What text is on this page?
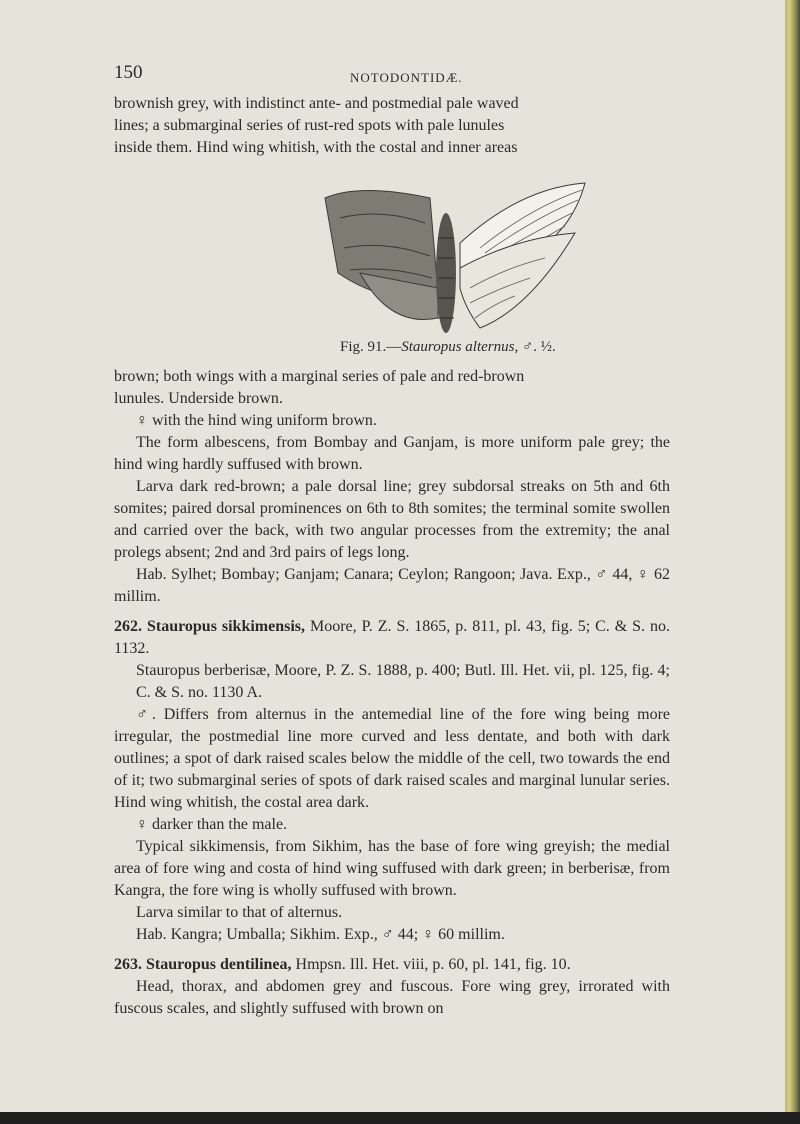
150	NOTODONTIDÆ.

brownish grey, with indistinct ante- and postmedial pale waved

lines; a submarginal series of rust-red spots with pale lunules

inside them. Hind wing whitish, with the costal and inner areas

Fig. 91.—Stauropus alternus, ♂. ½.

brown; both wings with a marginal series of pale and red-brown

lunules. Underside brown.

♀ with the hind wing uniform brown.

The form albescens, from Bombay and Ganjam, is more uniform pale grey; the hind wing hardly suffused with brown.

Larva dark red-brown; a pale dorsal line; grey subdorsal streaks on 5th and 6th somites; paired dorsal prominences on 6th to 8th somites; the terminal somite swollen and carried over the back, with two angular processes from the extremity; the anal prolegs absent; 2nd and 3rd pairs of legs long.

Hab. Sylhet; Bombay; Ganjam; Canara; Ceylon; Rangoon; Java. Exp., ♂ 44, ♀ 62 millim.

262. Stauropus sikkimensis, Moore, P. Z. S. 1865, p. 811, pl. 43, fig. 5; C. & S. no. 1132.

Stauropus berberisæ, Moore, P. Z. S. 1888, p. 400; Butl. Ill. Het. vii, pl. 125, fig. 4; C. & S. no. 1130 A.

♂. Differs from alternus in the antemedial line of the fore wing being more irregular, the postmedial line more curved and less dentate, and both with dark outlines; a spot of dark raised scales below the middle of the cell, two towards the end of it; two submarginal series of spots of dark raised scales and marginal lunular series. Hind wing whitish, the costal area dark.

♀ darker than the male.

Typical sikkimensis, from Sikhim, has the base of fore wing greyish; the medial area of fore wing and costa of hind wing suffused with dark green; in berberisæ, from Kangra, the fore wing is wholly suffused with brown.

Larva similar to that of alternus.

Hab. Kangra; Umballa; Sikhim. Exp., ♂ 44; ♀ 60 millim.

263. Stauropus dentilinea, Hmpsn. Ill. Het. viii, p. 60, pl. 141, fig. 10.

Head, thorax, and abdomen grey and fuscous. Fore wing grey, irrorated with fuscous scales, and slightly suffused with brown on
